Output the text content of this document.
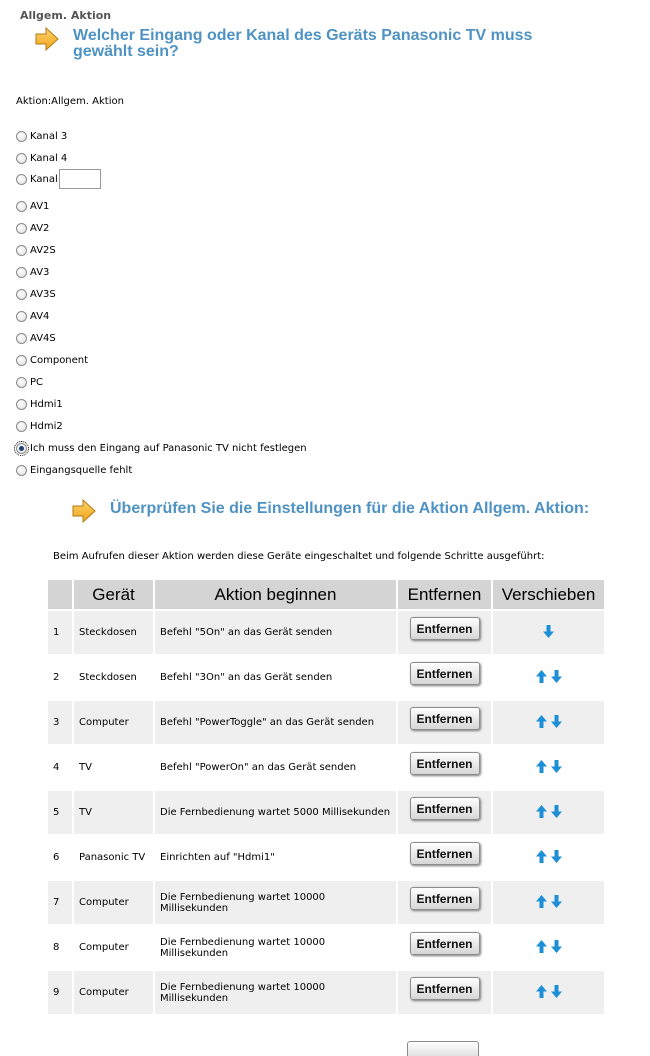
Allgem. Aktion
Welcher Eingang oder Kanal des Geräts Panasonic TV muss gewählt sein?
Aktion:Allgem. Aktion
Kanal 3
Kanal 4
Kanal
AV1
AV2
AV2S
AV3
AV3S
AV4
AV4S
Component
PC
Hdmi1
Hdmi2
Ich muss den Eingang auf Panasonic TV nicht festlegen
Eingangsquelle fehlt
Überprüfen Sie die Einstellungen für die Aktion Allgem. Aktion:
Beim Aufrufen dieser Aktion werden diese Geräte eingeschaltet und folgende Schritte ausgeführt:
	Gerät	Aktion beginnen	Entfernen	Verschieben
1	Steckdosen	Befehl "5On" an das Gerät senden	Entfernen	

2	Steckdosen	Befehl "3On" an das Gerät senden	Entfernen	

3	Computer	Befehl "PowerToggle" an das Gerät senden	Entfernen	

4	TV	Befehl "PowerOn" an das Gerät senden	Entfernen	

5	TV	Die Fernbedienung wartet 5000 Millisekunden	Entfernen	

6	Panasonic TV	Einrichten auf "Hdmi1"	Entfernen	

7	Computer	Die Fernbedienung wartet 10000 Millisekunden	Entfernen	

8	Computer	Die Fernbedienung wartet 10000 Millisekunden	Entfernen	

9	Computer	Die Fernbedienung wartet 10000 Millisekunden	Entfernen	
